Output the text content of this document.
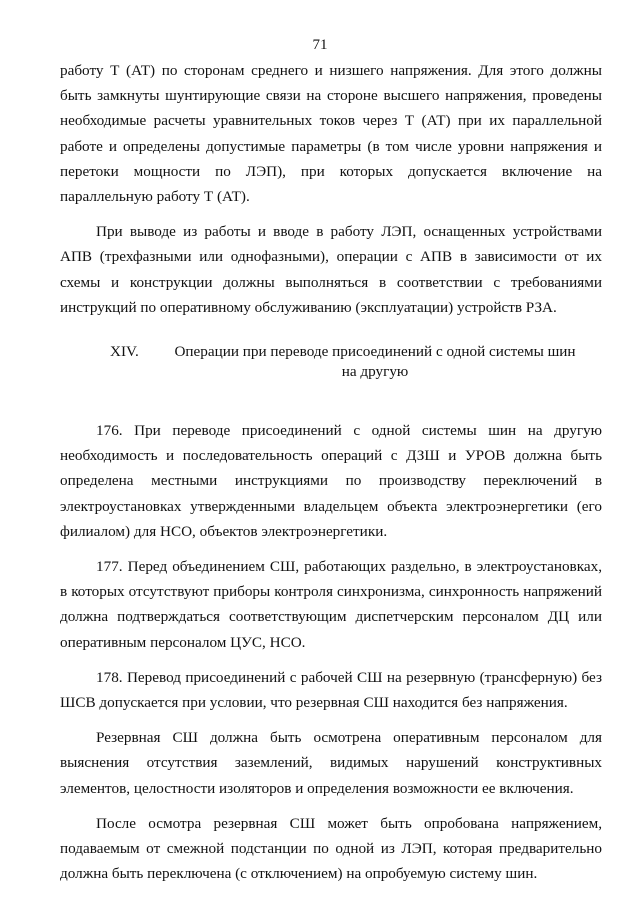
71

работу Т (АТ) по сторонам среднего и низшего напряжения. Для этого должны быть замкнуты шунтирующие связи на стороне высшего напряжения, проведены необходимые расчеты уравнительных токов через Т (АТ) при их параллельной работе и определены допустимые параметры (в том числе уровни напряжения и перетоки мощности по ЛЭП), при которых допускается включение на параллельную работу Т (АТ).

При выводе из работы и вводе в работу ЛЭП, оснащенных устройствами АПВ (трехфазными или однофазными), операции с АПВ в зависимости от их схемы и конструкции должны выполняться в соответствии с требованиями инструкций по оперативному обслуживанию (эксплуатации) устройств РЗА.

XIV.	Операции при переводе присоединений с одной системы шин на другую

176. При переводе присоединений с одной системы шин на другую необходимость и последовательность операций с ДЗШ и УРОВ должна быть определена местными инструкциями по производству переключений в электроустановках утвержденными владельцем объекта электроэнергетики (его филиалом) для НСО, объектов электроэнергетики.

177. Перед объединением СШ, работающих раздельно, в электроустановках, в которых отсутствуют приборы контроля синхронизма, синхронность напряжений должна подтверждаться соответствующим диспетчерским персоналом ДЦ или оперативным персоналом ЦУС, НСО.

178. Перевод присоединений с рабочей СШ на резервную (трансферную) без ШСВ допускается при условии, что резервная СШ находится без напряжения.

Резервная СШ должна быть осмотрена оперативным персоналом для выяснения отсутствия заземлений, видимых нарушений конструктивных элементов, целостности изоляторов и определения возможности ее включения.

После осмотра резервная СШ может быть опробована напряжением, подаваемым от смежной подстанции по одной из ЛЭП, которая предварительно должна быть переключена (с отключением) на опробуемую систему шин.
